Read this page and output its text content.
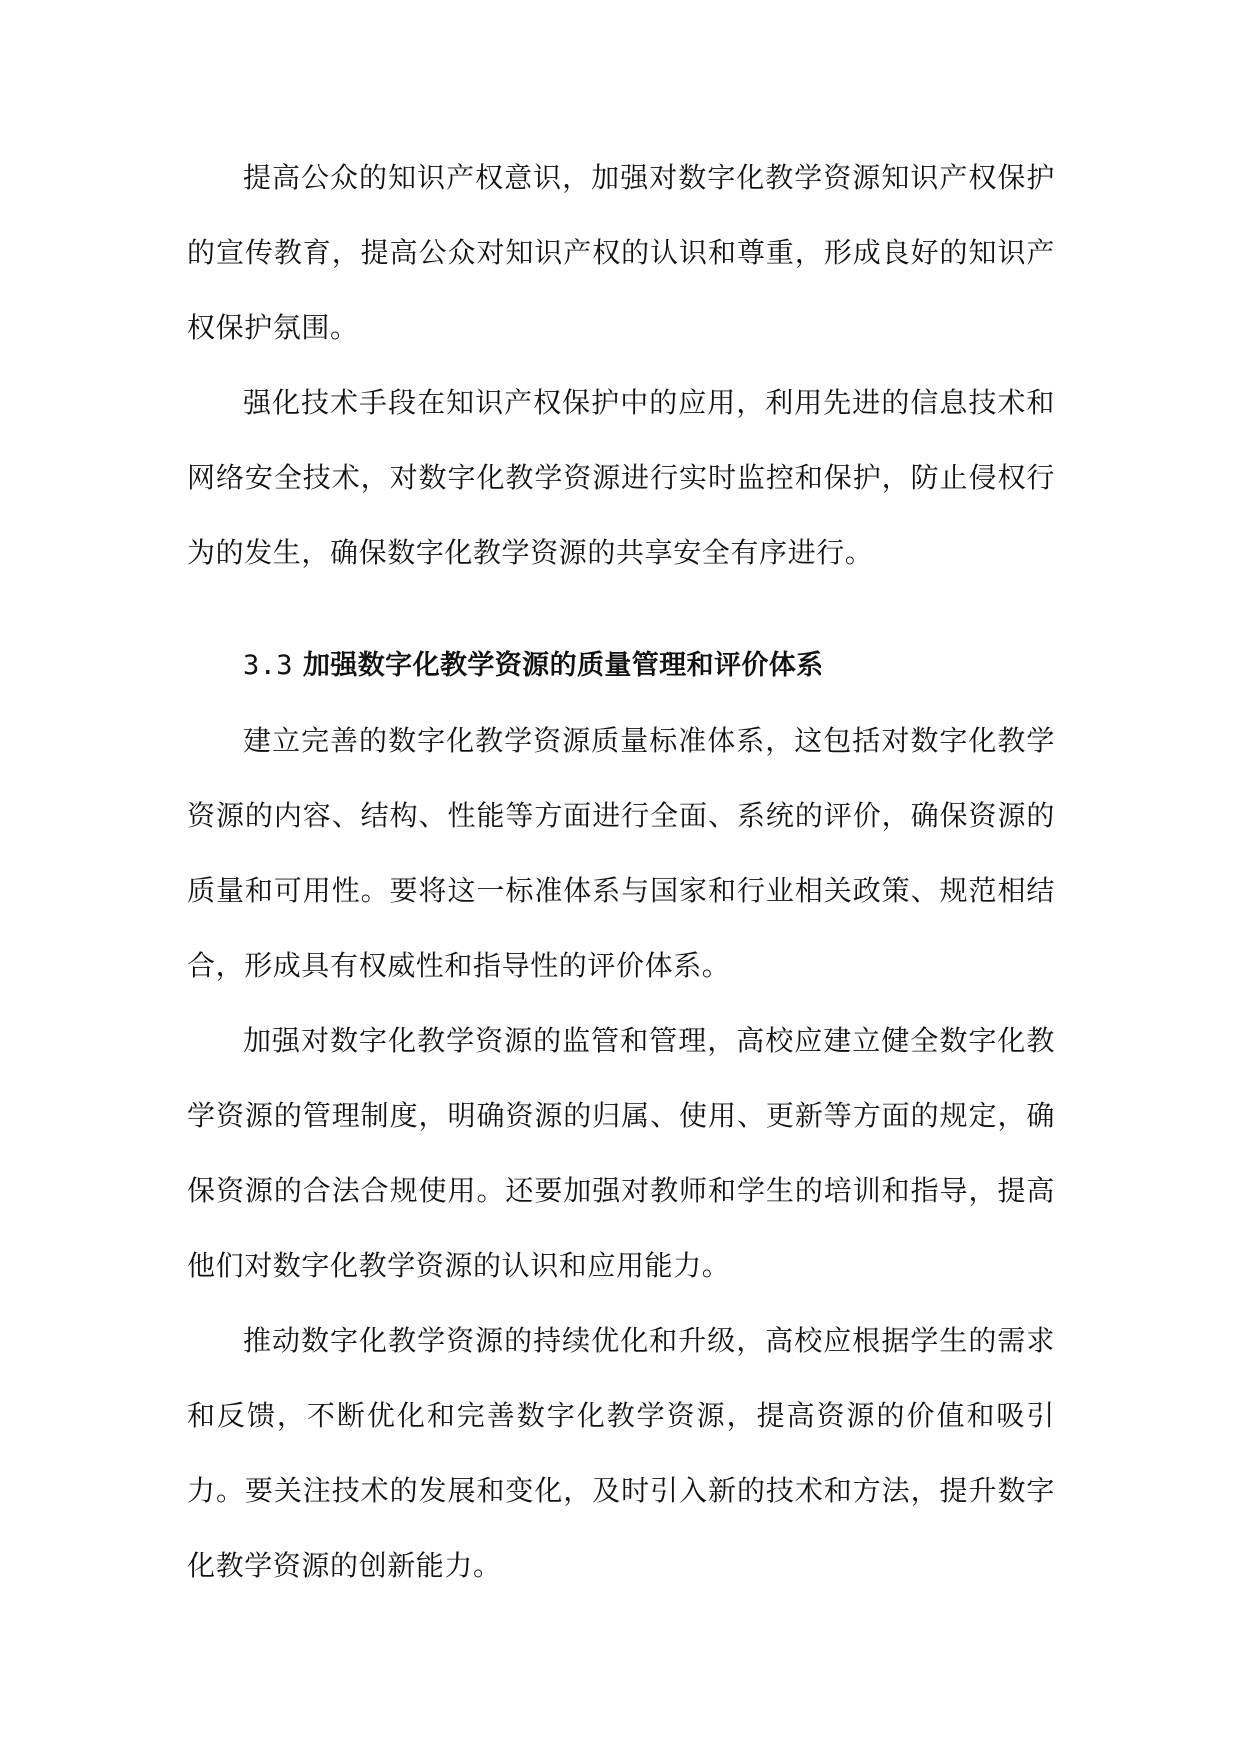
提高公众的知识产权意识，加强对数字化教学资源知识产权保护的宣传教育，提高公众对知识产权的认识和尊重，形成良好的知识产权保护氛围。

强化技术手段在知识产权保护中的应用，利用先进的信息技术和网络安全技术，对数字化教学资源进行实时监控和保护，防止侵权行为的发生，确保数字化教学资源的共享安全有序进行。

3.3 加强数字化教学资源的质量管理和评价体系

建立完善的数字化教学资源质量标准体系，这包括对数字化教学资源的内容、结构、性能等方面进行全面、系统的评价，确保资源的质量和可用性。要将这一标准体系与国家和行业相关政策、规范相结合，形成具有权威性和指导性的评价体系。

加强对数字化教学资源的监管和管理，高校应建立健全数字化教学资源的管理制度，明确资源的归属、使用、更新等方面的规定，确保资源的合法合规使用。还要加强对教师和学生的培训和指导，提高他们对数字化教学资源的认识和应用能力。

推动数字化教学资源的持续优化和升级，高校应根据学生的需求和反馈，不断优化和完善数字化教学资源，提高资源的价值和吸引力。要关注技术的发展和变化，及时引入新的技术和方法，提升数字化教学资源的创新能力。
